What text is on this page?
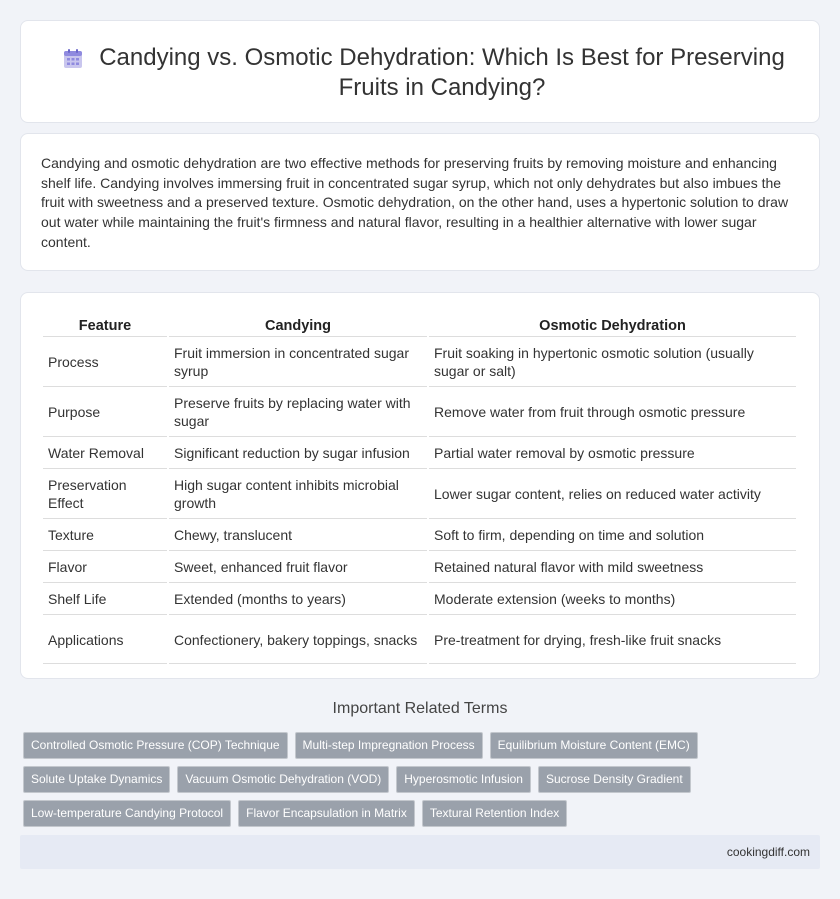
Candying vs. Osmotic Dehydration: Which Is Best for Preserving Fruits in Candying?

Candying and osmotic dehydration are two effective methods for preserving fruits by removing moisture and enhancing shelf life. Candying involves immersing fruit in concentrated sugar syrup, which not only dehydrates but also imbues the fruit with sweetness and a preserved texture. Osmotic dehydration, on the other hand, uses a hypertonic solution to draw out water while maintaining the fruit's firmness and natural flavor, resulting in a healthier alternative with lower sugar content.

Feature	Candying	Osmotic Dehydration
Process	Fruit immersion in concentrated sugar syrup	Fruit soaking in hypertonic osmotic solution (usually sugar or salt)
Purpose	Preserve fruits by replacing water with sugar	Remove water from fruit through osmotic pressure
Water Removal	Significant reduction by sugar infusion	Partial water removal by osmotic pressure
Preservation Effect	High sugar content inhibits microbial growth	Lower sugar content, relies on reduced water activity
Texture	Chewy, translucent	Soft to firm, depending on time and solution
Flavor	Sweet, enhanced fruit flavor	Retained natural flavor with mild sweetness
Shelf Life	Extended (months to years)	Moderate extension (weeks to months)
Applications	Confectionery, bakery toppings, snacks	Pre-treatment for drying, fresh-like fruit snacks
Important Related Terms
Controlled Osmotic Pressure (COP) Technique	Multi-step Impregnation Process	Equilibrium Moisture Content (EMC)
Solute Uptake Dynamics	Vacuum Osmotic Dehydration (VOD)	Hyperosmotic Infusion	Sucrose Density Gradient
Low-temperature Candying Protocol	Flavor Encapsulation in Matrix	Textural Retention Index
cookingdiff.com
